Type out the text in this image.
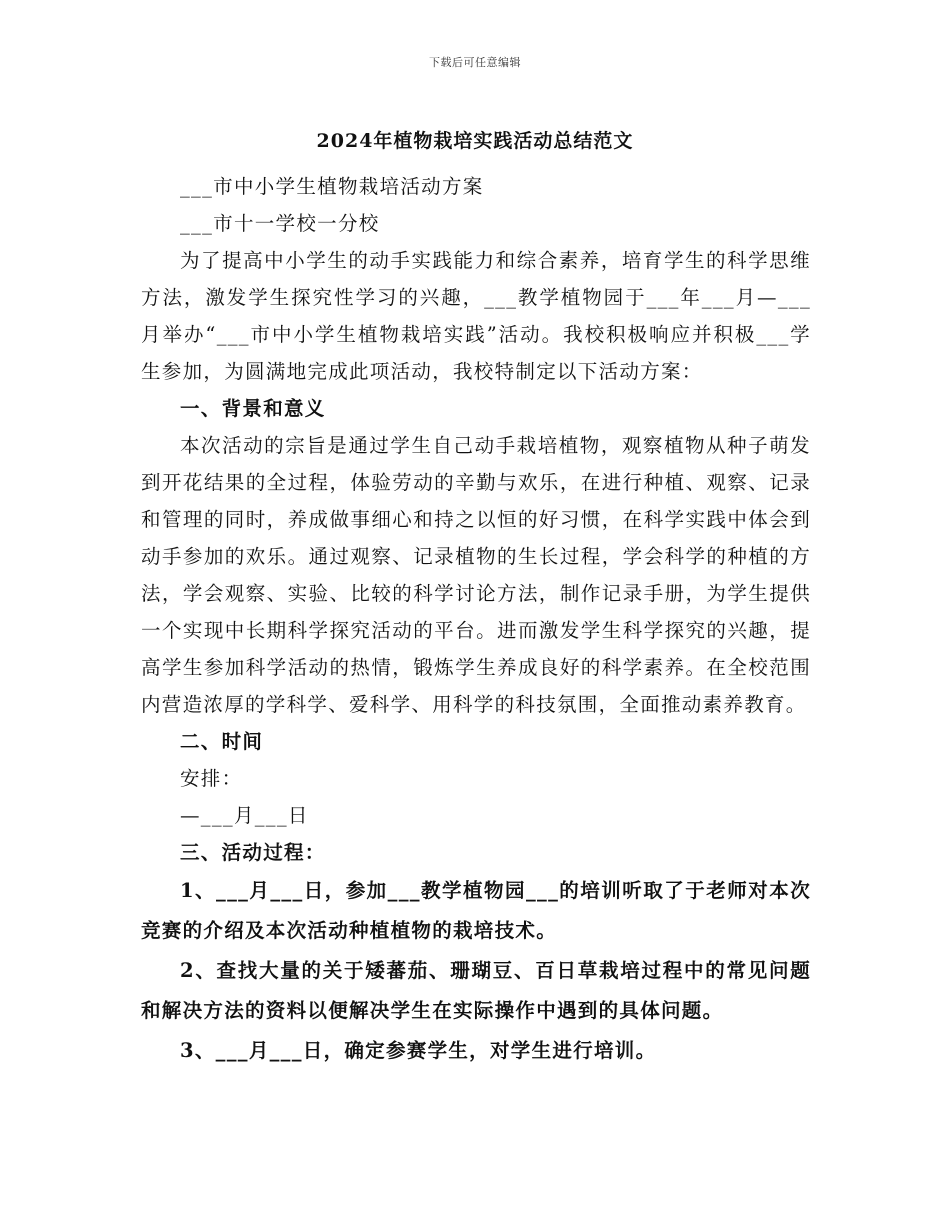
下载后可任意编辑
2024年植物栽培实践活动总结范文

___市中小学生植物栽培活动方案

___市十一学校一分校

为了提高中小学生的动手实践能力和综合素养，培育学生的科学思维方法，激发学生探究性学习的兴趣，___教学植物园于___年___月—___月举办“___市中小学生植物栽培实践”活动。我校积极响应并积极___学生参加，为圆满地完成此项活动，我校特制定以下活动方案：

一、背景和意义

本次活动的宗旨是通过学生自己动手栽培植物，观察植物从种子萌发到开花结果的全过程，体验劳动的辛勤与欢乐，在进行种植、观察、记录和管理的同时，养成做事细心和持之以恒的好习惯，在科学实践中体会到动手参加的欢乐。通过观察、记录植物的生长过程，学会科学的种植的方法，学会观察、实验、比较的科学讨论方法，制作记录手册，为学生提供一个实现中长期科学探究活动的平台。进而激发学生科学探究的兴趣，提高学生参加科学活动的热情，锻炼学生养成良好的科学素养。在全校范围内营造浓厚的学科学、爱科学、用科学的科技氛围，全面推动素养教育。

二、时间

安排：

—___月___日

三、活动过程：

1、___月___日，参加___教学植物园___的培训听取了于老师对本次竞赛的介绍及本次活动种植植物的栽培技术。

2、查找大量的关于矮蕃茄、珊瑚豆、百日草栽培过程中的常见问题和解决方法的资料以便解决学生在实际操作中遇到的具体问题。

3、___月___日，确定参赛学生，对学生进行培训。
